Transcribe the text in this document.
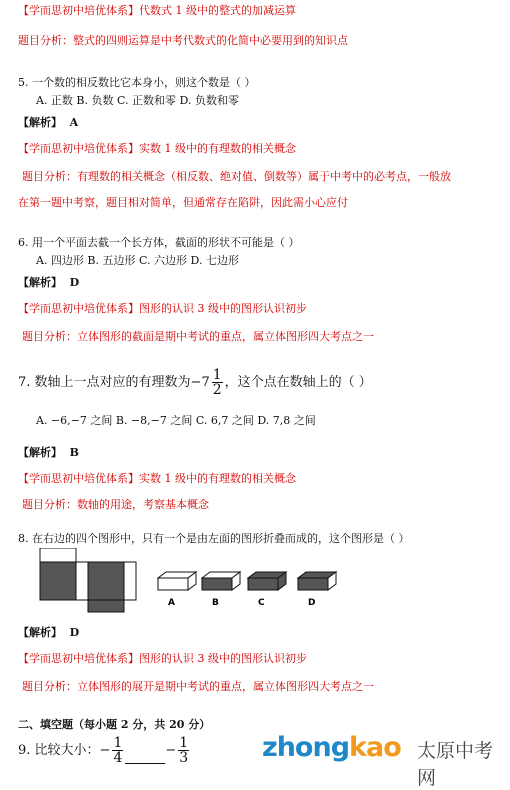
【学而思初中培优体系】代数式 1 级中的整式的加减运算
题目分析：整式的四则运算是中考代数式的化简中必要用到的知识点
5. 一个数的相反数比它本身小，则这个数是（ ）
A. 正数 B. 负数 C. 正数和零 D. 负数和零
【解析】 A
【学而思初中培优体系】实数 1 级中的有理数的相关概念
题目分析：有理数的相关概念（相反数、绝对值、倒数等）属于中考中的必考点，一般放
在第一题中考察，题目相对简单，但通常存在陷阱，因此需小心应付
6. 用一个平面去截一个长方体，截面的形状不可能是（ ）
A. 四边形 B. 五边形 C. 六边形 D. 七边形
【解析】 D
【学而思初中培优体系】图形的认识 3 级中的图形认识初步
题目分析：立体图形的截面是期中考试的重点，属立体图形四大考点之一
7. 数轴上一点对应的有理数为$-7 \frac{1}{2}$ ，这个点在数轴上的（ ）
A. −6,−7 之间 B. −8,−7 之间 C. 6,7 之间 D. 7,8 之间
【解析】 B
【学而思初中培优体系】实数 1 级中的有理数的相关概念
题目分析：数轴的用途，考察基本概念
8. 在右边的四个图形中，只有一个是由左面的图形折叠而成的，这个图形是（ ）
A	B	C	D
【解析】 D
【学而思初中培优体系】图形的认识 3 级中的图形认识初步
题目分析：立体图形的展开是期中考试的重点，属立体图形四大考点之一
二、填空题（每小题 2 分，共 20 分）
9. 比较大小：− $\frac{1}{4}$	− $\frac{1}{3}$	zhongkao 太原中考网
